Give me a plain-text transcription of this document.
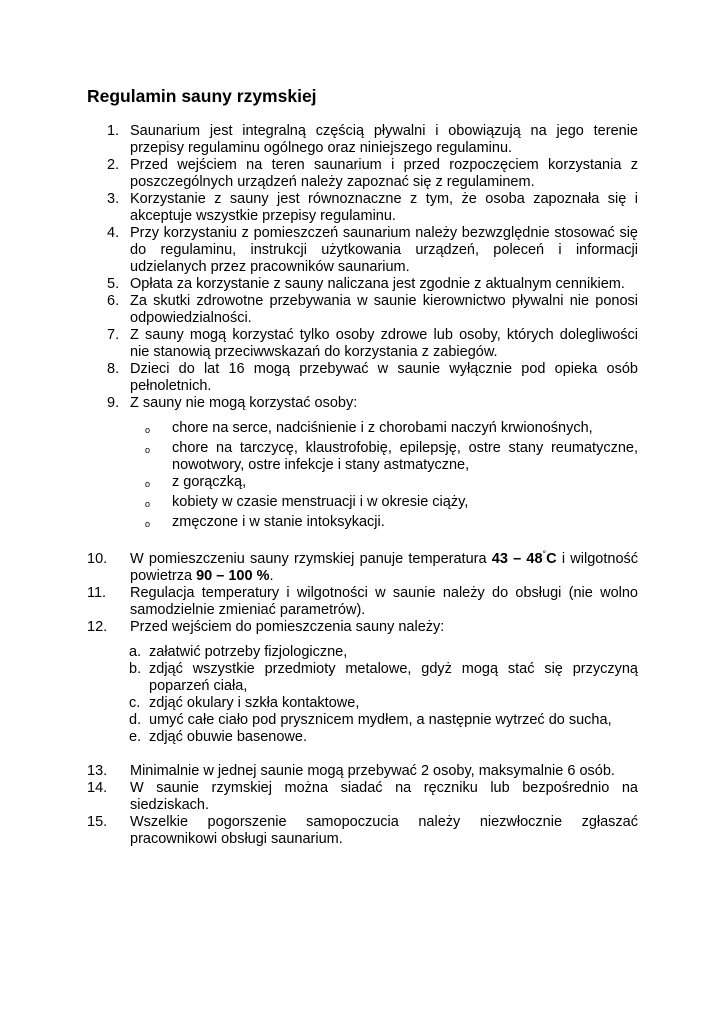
Regulamin sauny rzymskiej
1. Saunarium jest integralną częścią pływalni i obowiązują na jego terenie przepisy regulaminu ogólnego oraz niniejszego regulaminu.
2. Przed wejściem na teren saunarium i przed rozpoczęciem korzystania z poszczególnych urządzeń należy zapoznać się z regulaminem.
3. Korzystanie z sauny jest równoznaczne z tym, że osoba zapoznała się i akceptuje wszystkie przepisy regulaminu.
4. Przy korzystaniu z pomieszczeń saunarium należy bezwzględnie stosować się do regulaminu, instrukcji użytkowania urządzeń, poleceń i informacji udzielanych przez pracowników saunarium.
5. Opłata za korzystanie z sauny naliczana jest zgodnie z aktualnym cennikiem.
6. Za skutki zdrowotne przebywania w saunie kierownictwo pływalni nie ponosi odpowiedzialności.
7. Z sauny mogą korzystać tylko osoby zdrowe lub osoby, których dolegliwości nie stanowią przeciwwskazań do korzystania z zabiegów.
8. Dzieci do lat 16 mogą przebywać w saunie wyłącznie pod opieka osób pełnoletnich.
9. Z sauny nie mogą korzystać osoby:
o	chore na serce, nadciśnienie i z chorobami naczyń krwionośnych,
o	chore na tarczycę, klaustrofobię, epilepsję, ostre stany reumatyczne, nowotwory, ostre infekcje i stany astmatyczne,
o	z gorączką,
o	kobiety w czasie menstruacji i w okresie ciąży,
o	zmęczone i w stanie intoksykacji.
10.	W pomieszczeniu sauny rzymskiej panuje temperatura 43 – 48°C i wilgotność powietrza 90 – 100 %.
11.	Regulacja temperatury i wilgotności w saunie należy do obsługi (nie wolno samodzielnie zmieniać parametrów).
12.	Przed wejściem do pomieszczenia sauny należy:
a. załatwić potrzeby fizjologiczne,
b. zdjąć wszystkie przedmioty metalowe, gdyż mogą stać się przyczyną poparzeń ciała,
c. zdjąć okulary i szkła kontaktowe,
d. umyć całe ciało pod prysznicem mydłem, a następnie wytrzeć do sucha,
e. zdjąć obuwie basenowe.
13.	Minimalnie w jednej saunie mogą przebywać 2 osoby, maksymalnie 6 osób.
14.	W saunie rzymskiej można siadać na ręczniku lub bezpośrednio na siedziskach.
15.	Wszelkie pogorszenie samopoczucia należy niezwłocznie zgłaszać pracownikowi obsługi saunarium.
